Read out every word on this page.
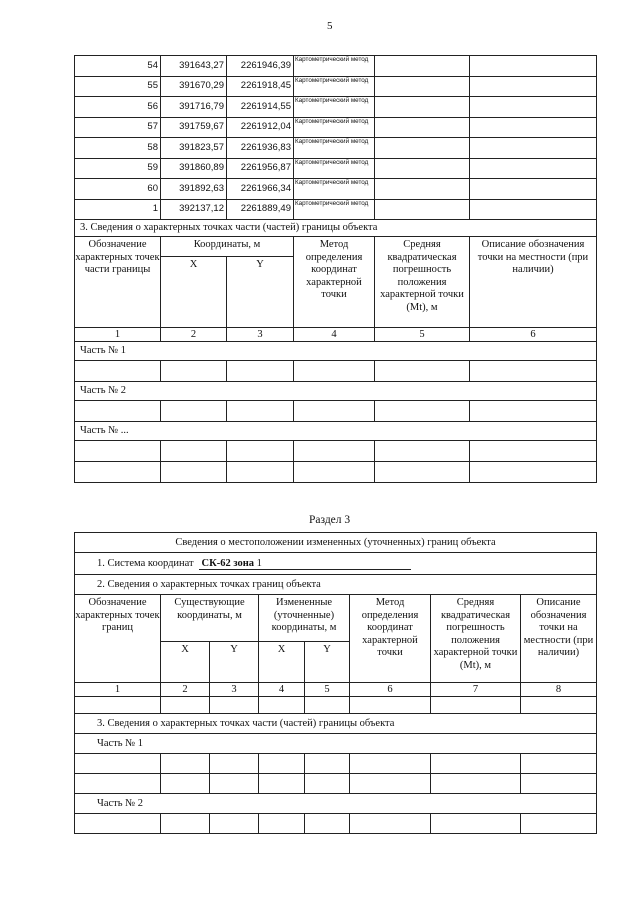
5
54	391643,27	2261946,39	Картометрический метод		
55	391670,29	2261918,45	Картометрический метод		
56	391716,79	2261914,55	Картометрический метод		
57	391759,67	2261912,04	Картометрический метод		
58	391823,57	2261936,83	Картометрический метод		
59	391860,89	2261956,87	Картометрический метод		
60	391892,63	2261966,34	Картометрический метод		
1	392137,12	2261889,49	Картометрический метод		
3. Сведения о характерных точках части (частей) границы объекта					
Обозначение характерных точек части границы	Координаты, м		Метод определения координат характерной точки	Средняя квадратическая погрешность положения характерной точки (Mt), м	Описание обозначения точки на местности (при наличии)
	X	Y			
1	2	3	4	5	6
Часть № 1					

Часть № 2					

Часть № ...					

Раздел 3
Сведения о местоположении измененных (уточненных) границ объекта							
1. Система координат СК-62 зона 1							
2. Сведения о характерных точках границ объекта							
Обозначение характерных точек границ	Существующие координаты, м		Измененные (уточненные) координаты, м		Метод определения координат характерной точки	Средняя квадратическая погрешность положения характерной точки (Mt), м	Описание обозначения точки на местности (при наличии)
	X	Y	X	Y			
1	2	3	4	5	6	7	8

3. Сведения о характерных точках части (частей) границы объекта							
Часть № 1							

Часть № 2							
